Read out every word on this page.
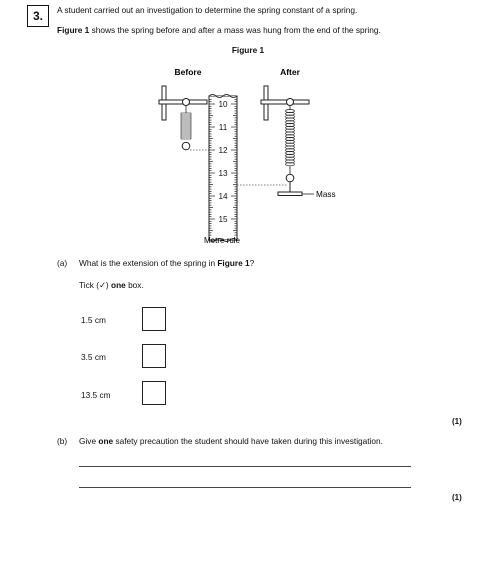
3.	A student carried out an investigation to determine the spring constant of a spring.
Figure 1 shows the spring before and after a mass was hung from the end of the spring.
Figure 1
Before	After
10
11
12
13
14
15
Metre rule
Mass
(a) What is the extension of the spring in Figure 1?
Tick (✓) one box.
1.5 cm
3.5 cm
13.5 cm
(1)
(b) Give one safety precaution the student should have taken during this investigation.
(1)
